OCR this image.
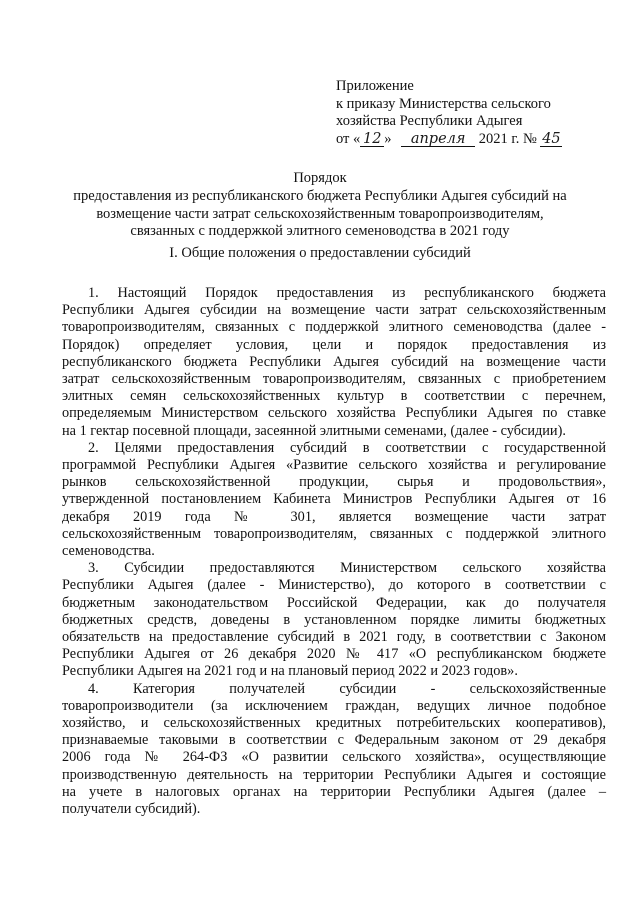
Приложение
к приказу Министерства сельского
хозяйства Республики Адыгея
от « 12 » апреля 2021 г. № 45
Порядок
предоставления из республиканского бюджета Республики Адыгея субсидий на
возмещение части затрат сельскохозяйственным товаропроизводителям,
связанных с поддержкой элитного семеноводства в 2021 году
I. Общие положения о предоставлении субсидий
1. Настоящий Порядок предоставления из республиканского бюджета
Республики Адыгея субсидии на возмещение части затрат сельскохозяйственным
товаропроизводителям, связанных с поддержкой элитного семеноводства (далее -
Порядок) определяет условия, цели и порядок предоставления из
республиканского бюджета Республики Адыгея субсидий на возмещение части
затрат сельскохозяйственным товаропроизводителям, связанных с приобретением
элитных семян сельскохозяйственных культур в соответствии с перечнем,
определяемым Министерством сельского хозяйства Республики Адыгея по ставке
на 1 гектар посевной площади, засеянной элитными семенами, (далее - субсидии).
2. Целями предоставления субсидий в соответствии с государственной
программой Республики Адыгея «Развитие сельского хозяйства и регулирование
рынков сельскохозяйственной продукции, сырья и продовольствия»,
утвержденной постановлением Кабинета Министров Республики Адыгея от 16
декабря 2019 года № 301, является возмещение части затрат
сельскохозяйственным товаропроизводителям, связанных с поддержкой элитного
семеноводства.
3. Субсидии предоставляются Министерством сельского хозяйства
Республики Адыгея (далее - Министерство), до которого в соответствии с
бюджетным законодательством Российской Федерации, как до получателя
бюджетных средств, доведены в установленном порядке лимиты бюджетных
обязательств на предоставление субсидий в 2021 году, в соответствии с Законом
Республики Адыгея от 26 декабря 2020 № 417 «О республиканском бюджете
Республики Адыгея на 2021 год и на плановый период 2022 и 2023 годов».
4. Категория получателей субсидии - сельскохозяйственные
товаропроизводители (за исключением граждан, ведущих личное подобное
хозяйство, и сельскохозяйственных кредитных потребительских кооперативов),
признаваемые таковыми в соответствии с Федеральным законом от 29 декабря
2006 года № 264-ФЗ «О развитии сельского хозяйства», осуществляющие
производственную деятельность на территории Республики Адыгея и состоящие
на учете в налоговых органах на территории Республики Адыгея (далее –
получатели субсидий).
